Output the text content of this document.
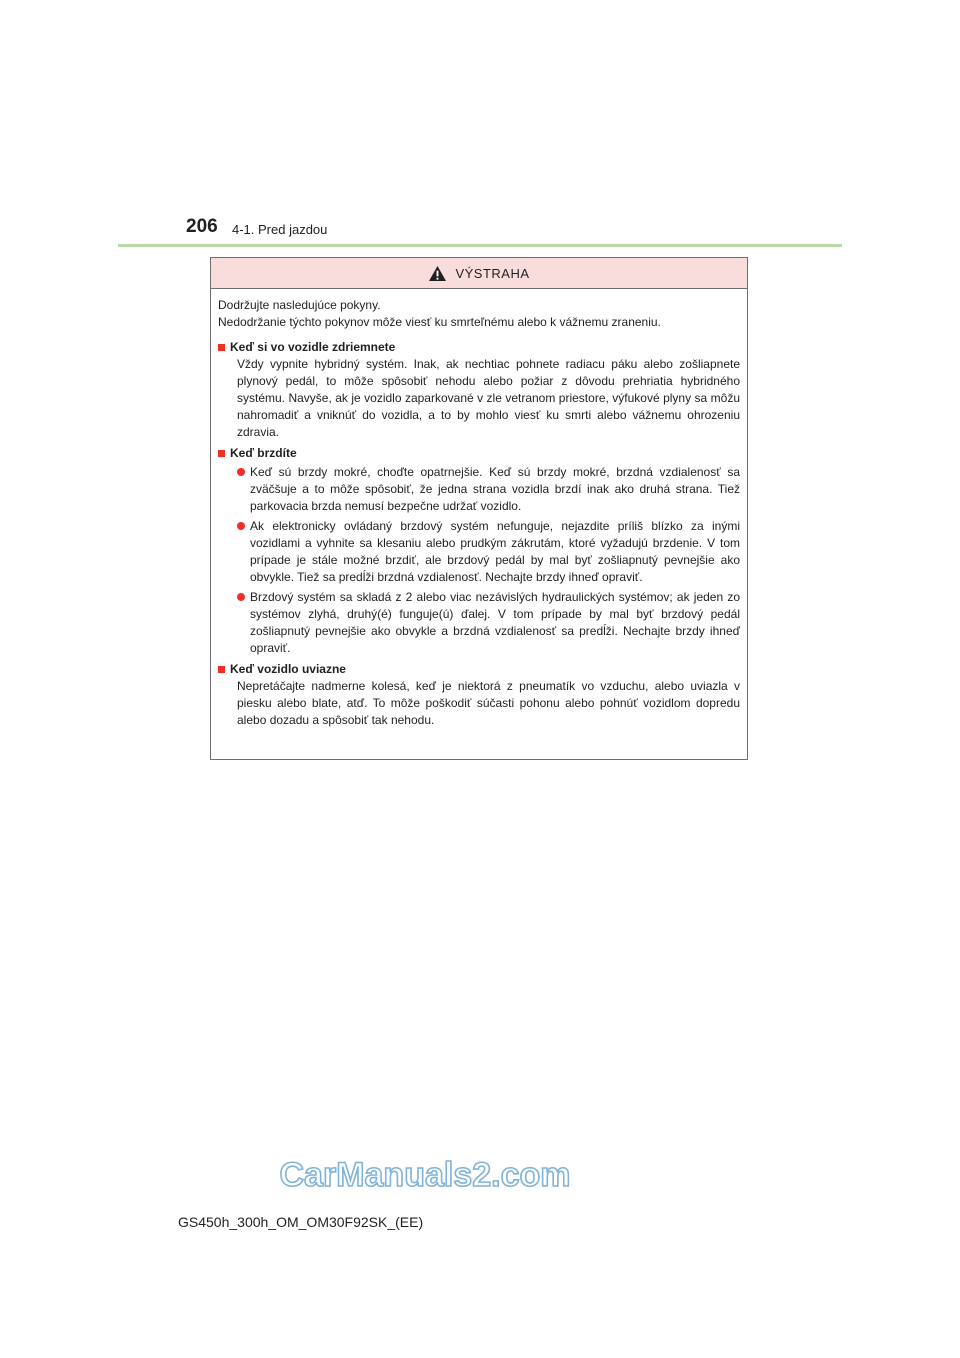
206 4-1. Pred jazdou
VÝSTRAHA

Dodržujte nasledujúce pokyny.

Nedodržanie týchto pokynov môže viesť ku smrteľnému alebo k vážnemu zraneniu.

Keď si vo vozidle zdriemnete

Vždy vypnite hybridný systém. Inak, ak nechtiac pohnete radiacu páku alebo zošliapnete plynový pedál, to môže spôsobiť nehodu alebo požiar z dôvodu prehriatia hybridného systému. Navyše, ak je vozidlo zaparkované v zle vetranom priestore, výfukové plyny sa môžu nahromadiť a vniknúť do vozidla, a to by mohlo viesť ku smrti alebo vážnemu ohrozeniu zdravia.

Keď brzdíte
Keď sú brzdy mokré, choďte opatrnejšie. Keď sú brzdy mokré, brzdná vzdialenosť sa zväčšuje a to môže spôsobiť, že jedna strana vozidla brzdí inak ako druhá strana. Tiež parkovacia brzda nemusí bezpečne udržať vozidlo.
Ak elektronicky ovládaný brzdový systém nefunguje, nejazdite príliš blízko za inými vozidlami a vyhnite sa klesaniu alebo prudkým zákrutám, ktoré vyžadujú brzdenie. V tom prípade je stále možné brzdiť, ale brzdový pedál by mal byť zošliapnutý pevnejšie ako obvykle. Tiež sa predĺži brzdná vzdialenosť. Nechajte brzdy ihneď opraviť.
Brzdový systém sa skladá z 2 alebo viac nezávislých hydraulických systémov; ak jeden zo systémov zlyhá, druhý(é) funguje(ú) ďalej. V tom prípade by mal byť brzdový pedál zošliapnutý pevnejšie ako obvykle a brzdná vzdialenosť sa predĺži. Nechajte brzdy ihneď opraviť.
Keď vozidlo uviazne

Nepretáčajte nadmerne kolesá, keď je niektorá z pneumatík vo vzduchu, alebo uviazla v piesku alebo blate, atď. To môže poškodiť súčasti pohonu alebo pohnúť vozidlom dopredu alebo dozadu a spôsobiť tak nehodu.

CarManuals2.com
GS450h_300h_OM_OM30F92SK_(EE)
